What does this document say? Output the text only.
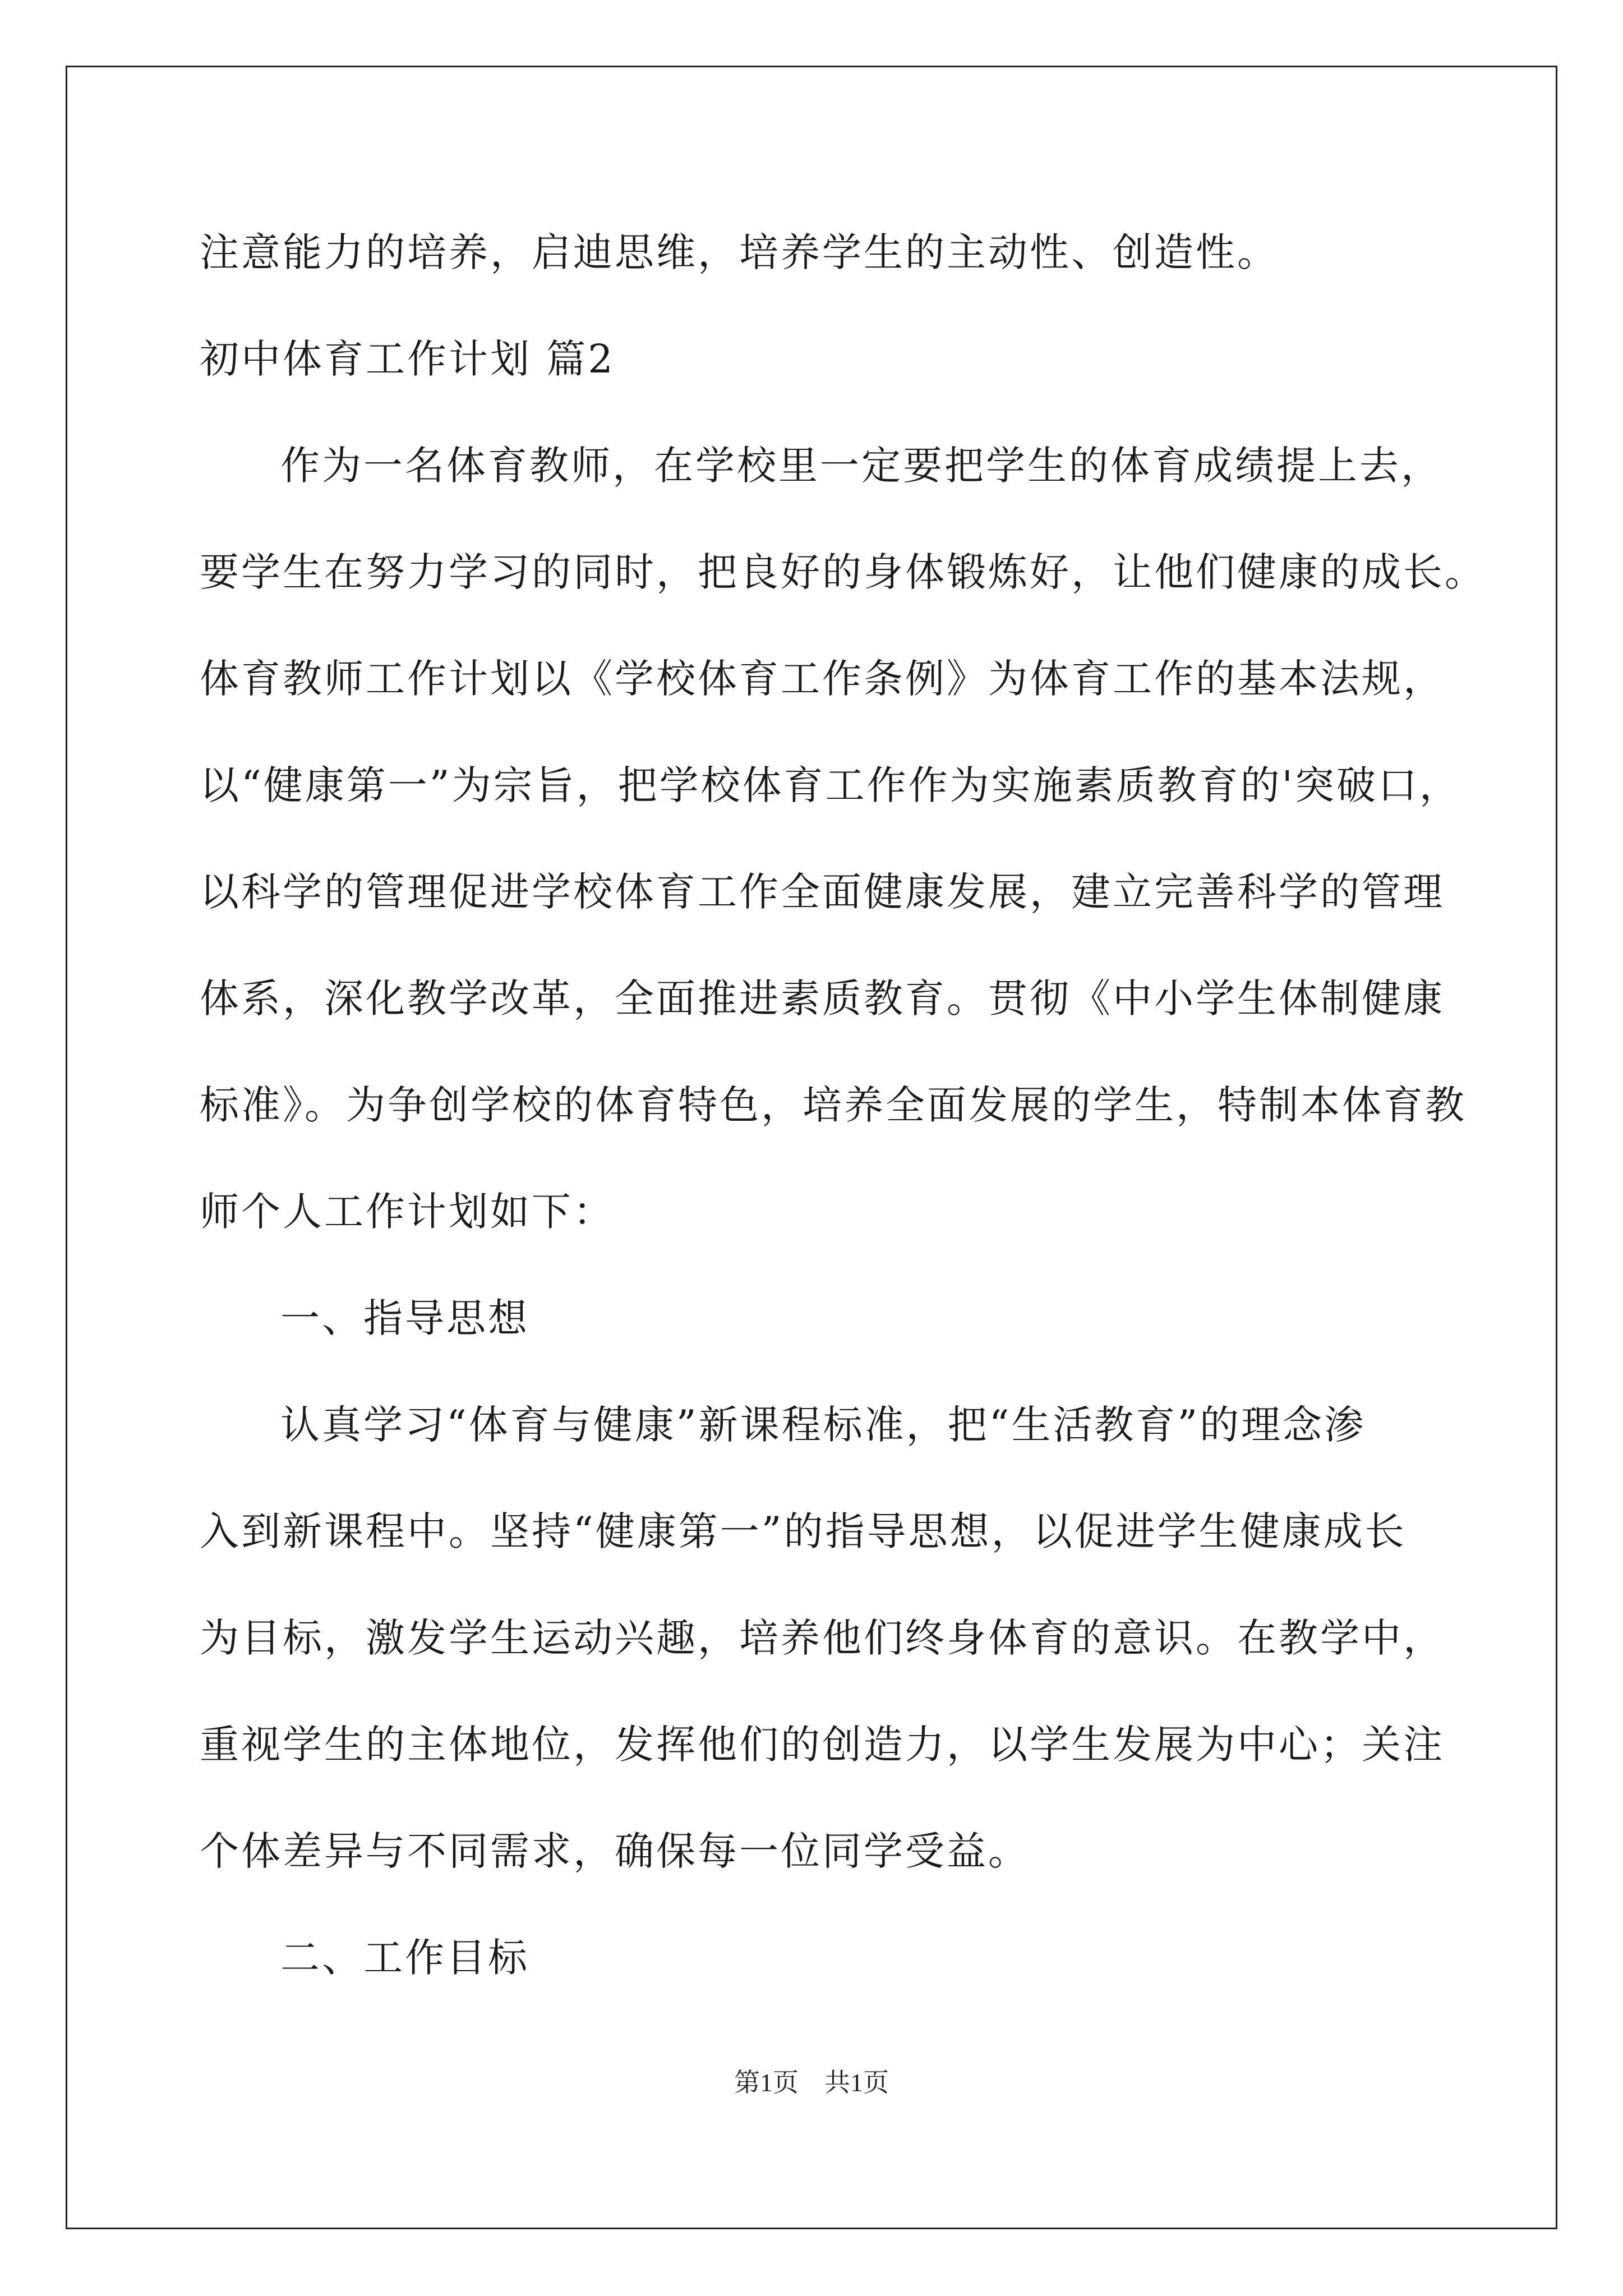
注意能力的培养，启迪思维，培养学生的主动性、创造性。
初中体育工作计划 篇2
作为一名体育教师，在学校里一定要把学生的体育成绩提上去，
要学生在努力学习的同时，把良好的身体锻炼好，让他们健康的成长。
体育教师工作计划以《学校体育工作条例》为体育工作的基本法规，
以“健康第一”为宗旨，把学校体育工作作为实施素质教育的'突破口，
以科学的管理促进学校体育工作全面健康发展，建立完善科学的管理
体系，深化教学改革，全面推进素质教育。贯彻《中小学生体制健康
标准》。为争创学校的体育特色，培养全面发展的学生，特制本体育教
师个人工作计划如下：
一、指导思想
认真学习“体育与健康”新课程标准，把“生活教育”的理念渗
入到新课程中。坚持“健康第一”的指导思想，以促进学生健康成长
为目标，激发学生运动兴趣，培养他们终身体育的意识。在教学中，
重视学生的主体地位，发挥他们的创造力，以学生发展为中心；关注
个体差异与不同需求，确保每一位同学受益。
二、工作目标
第1页　共1页
